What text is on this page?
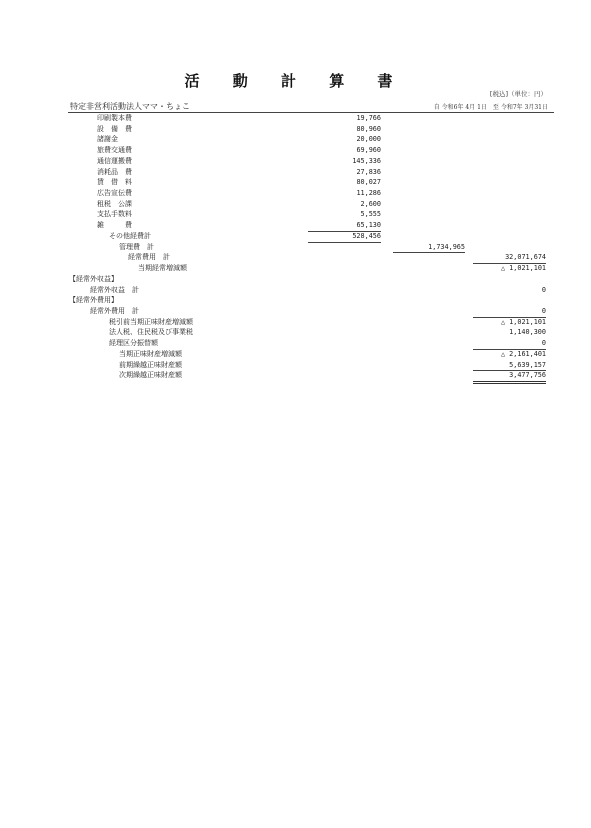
活 動 計 算 書
[税込]（単位：円）
特定非営利活動法人ママ・ちょこ	自 令和6年 4月 1日　至 令和7年 3月31日
印刷製本費	19,766
設　備　費	80,960
諸謝金	20,000
旅費交通費	69,960
通信運搬費	145,336
消耗品　費	27,836
賃　借　料	80,027
広告宣伝費	11,286
租税　公課	2,600
支払手数料	5,555
雑　　　費	65,130
その他経費計	528,456
管理費　計	1,734,965
経常費用　計	32,071,674
当期経常増減額	△ 1,021,101
【経常外収益】
経常外収益　計	0
【経常外費用】
経常外費用　計	0
税引前当期正味財産増減額	△ 1,021,101
法人税、住民税及び事業税	1,140,300
経理区分振替額	0
当期正味財産増減額	△ 2,161,401
前期繰越正味財産額	5,639,157
次期繰越正味財産額	3,477,756
